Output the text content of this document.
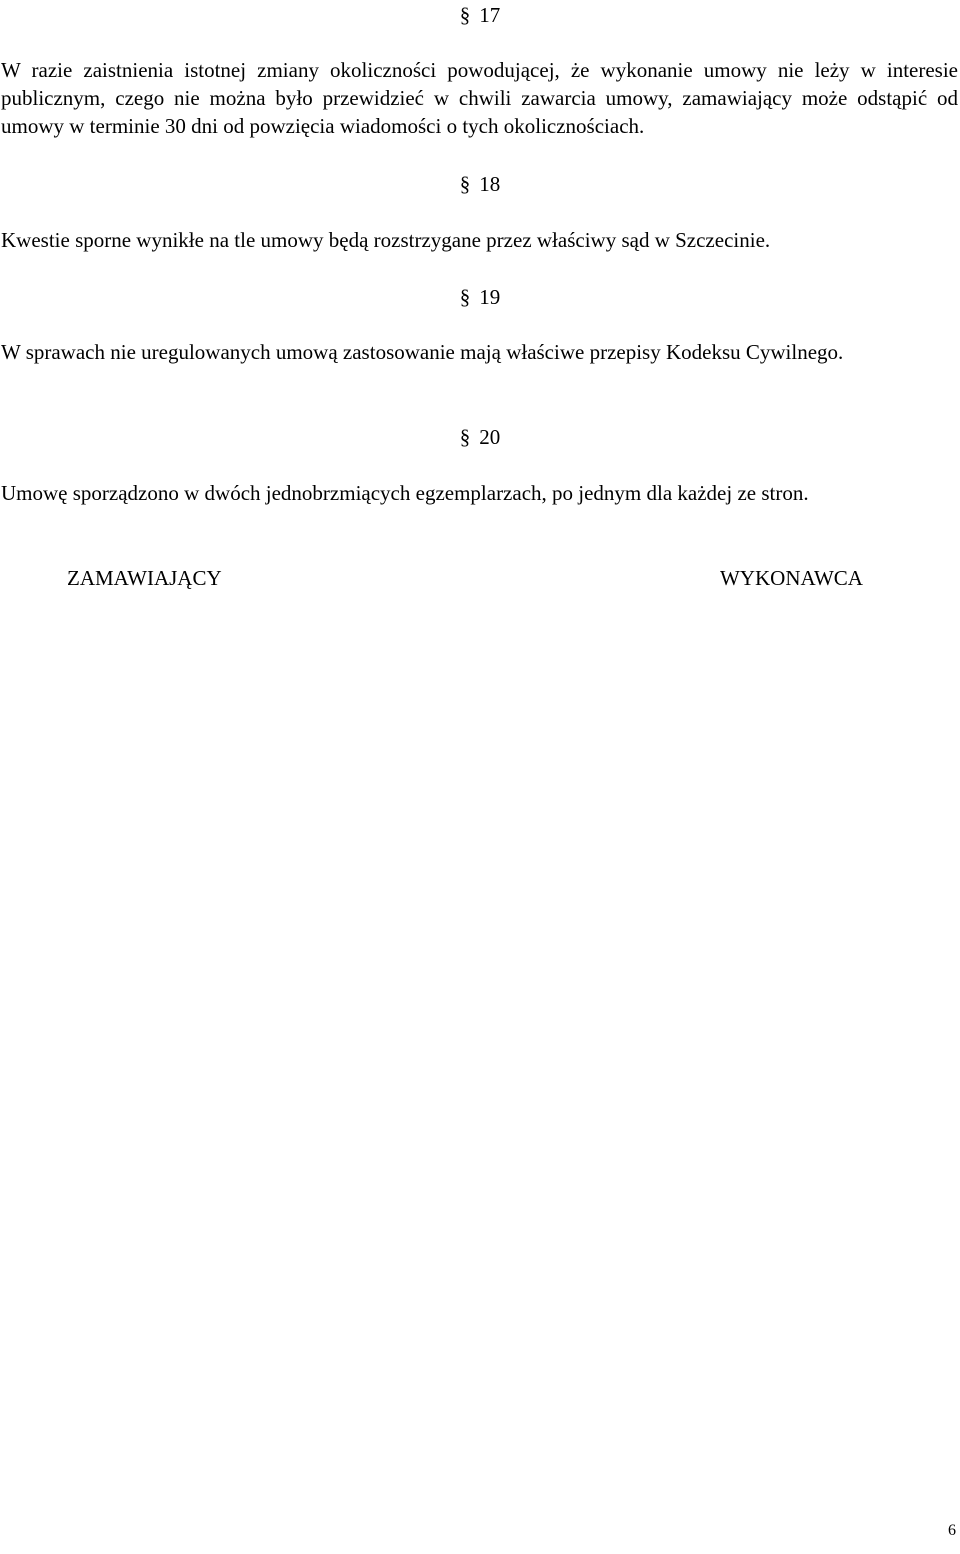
§ 17
W razie zaistnienia istotnej zmiany okoliczności powodującej, że wykonanie umowy nie leży w interesie publicznym, czego nie można było przewidzieć w chwili zawarcia umowy, zamawiający może odstąpić od umowy w terminie 30 dni od powzięcia wiadomości o tych okolicznościach.
§ 18
Kwestie sporne wynikłe na tle umowy będą rozstrzygane przez właściwy sąd w Szczecinie.
§ 19
W sprawach nie uregulowanych umową zastosowanie mają właściwe przepisy Kodeksu Cywilnego.
§ 20
Umowę sporządzono w dwóch jednobrzmiących egzemplarzach, po jednym dla każdej ze stron.
ZAMAWIAJĄCY	WYKONAWCA
6
